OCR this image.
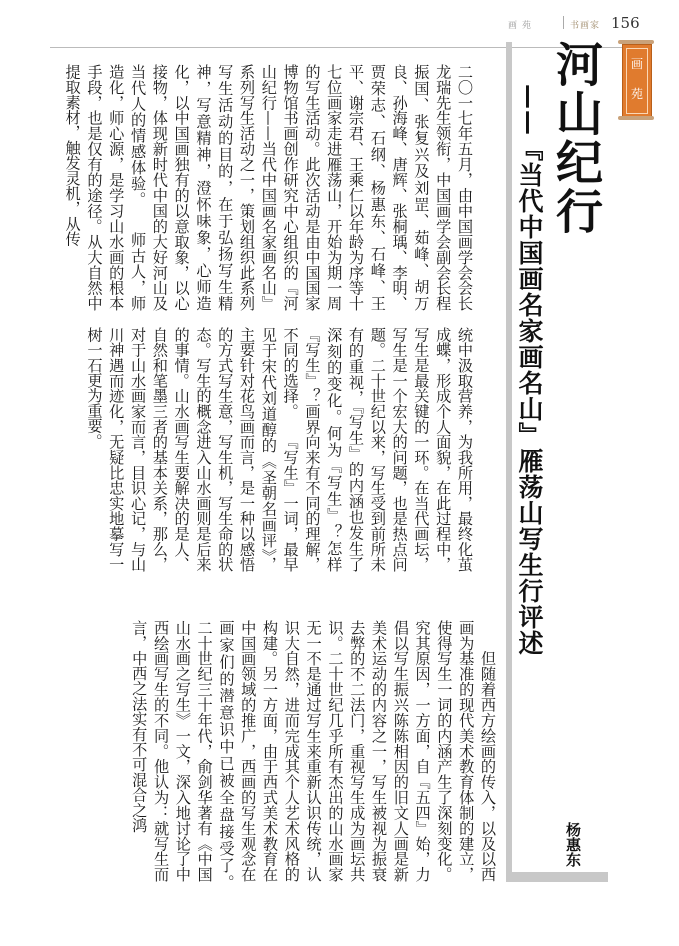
画苑	书画家 156
画
苑
河山纪行
——『当代中国画名家画名山』雁荡山写生行评述
杨惠东

二〇一七年五月，由中国画学会会长龙瑞先生领衔，中国画学会副会长程振国、张复兴及刘罡、茹峰、胡万良、孙海峰、唐辉、张桐瑀、李明、贾荣志、石纲、杨惠东、石峰、王平、谢宗君、王乘仁以年龄为序等十七位画家走进雁荡山，开始为期一周的写生活动。此次活动是由中国国家博物馆书画创作研究中心组织的『河山纪行——当代中国画名家画名山』系列写生活动之一，策划组织此系列写生活动的目的，在于弘扬写生精神，写意精神，澄怀味象，心师造化，以中国画独有的以意取象，以心接物，体现新时代中国的大好河山及当代人的情感体验。　　师古人，师造化，师心源，是学习山水画的根本手段，也是仅有的途径。从大自然中提取素材，触发灵机，从传

统中汲取营养，为我所用，最终化茧成蝶，形成个人面貌，在此过程中，写生是最关键的一环。在当代画坛，写生是一个宏大的问题，也是热点问题。二十世纪以来，写生受到前所未有的重视，『写生』的内涵也发生了深刻的变化。何为『写生』？怎样『写生』？画界向来有不同的理解，不同的选择。　　『写生』一词，最早见于宋代刘道醇的《圣朝名画评》，主要针对花鸟画而言，是一种以感悟的方式写生意，写生机，写生命的状态。写生的概念进入山水画则是后来的事情。山水画写生要解决的是人、自然和笔墨三者的基本关系，那么，对于山水画家而言，目识心记，与山川神遇而迹化，无疑比忠实地摹写一树一石更为重要。

　　但随着西方绘画的传入，以及以西画为基准的现代美术教育体制的建立，使得写生一词的内涵产生了深刻变化。究其原因，一方面，自『五四』始，力倡以写生振兴陈陈相因的旧文人画是新美术运动的内容之一，写生被视为振衰去弊的不二法门，重视写生成为画坛共识。二十世纪几乎所有杰出的山水画家无一不是通过写生来重新认识传统，认识大自然，进而完成其个人艺术风格的构建。另一方面，由于西式美术教育在中国画领域的推广，西画的写生观念在画家们的潜意识中已被全盘接受了。　　二十世纪三十年代，俞剑华著有《中国山水画之写生》一文，深入地讨论了中西绘画写生的不同。他认为：就写生而言，中西之法实有不可混合之鸿
